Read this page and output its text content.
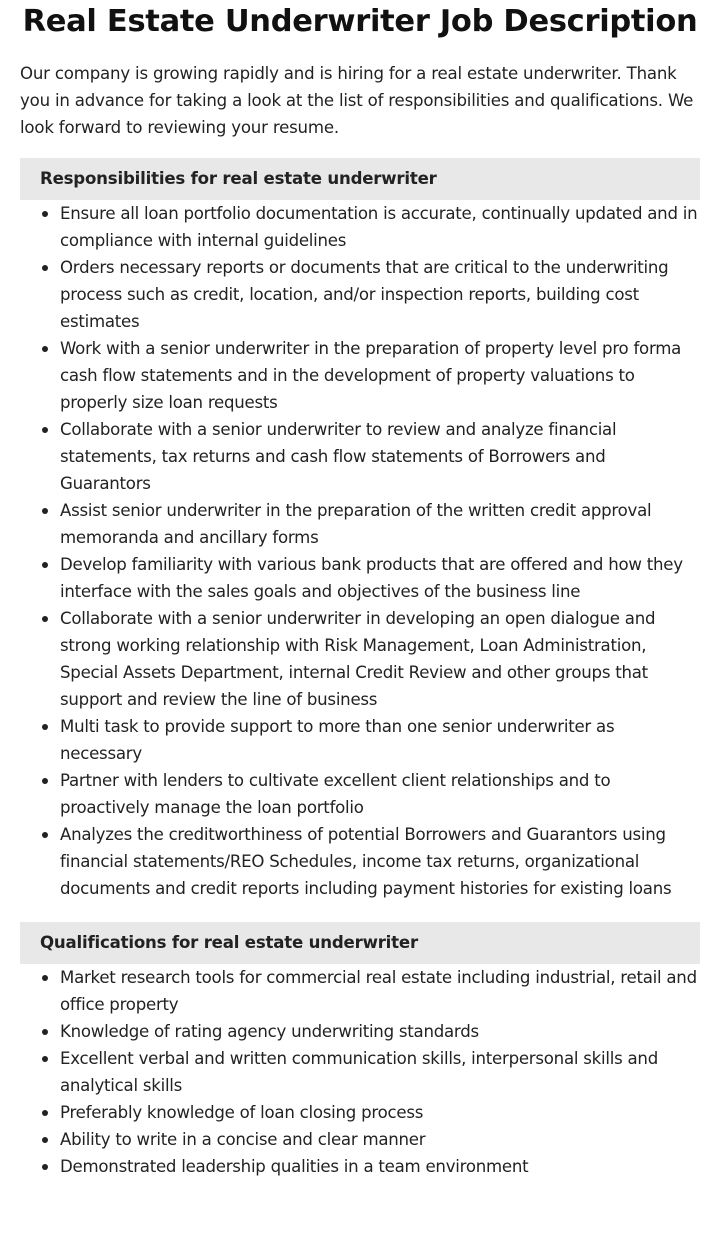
Real Estate Underwriter Job Description

Our company is growing rapidly and is hiring for a real estate underwriter. Thank you in advance for taking a look at the list of responsibilities and qualifications. We look forward to reviewing your resume.

Responsibilities for real estate underwriter
Ensure all loan portfolio documentation is accurate, continually updated and in compliance with internal guidelines
Orders necessary reports or documents that are critical to the underwriting process such as credit, location, and/or inspection reports, building cost estimates
Work with a senior underwriter in the preparation of property level pro forma cash flow statements and in the development of property valuations to properly size loan requests
Collaborate with a senior underwriter to review and analyze financial statements, tax returns and cash flow statements of Borrowers and Guarantors
Assist senior underwriter in the preparation of the written credit approval memoranda and ancillary forms
Develop familiarity with various bank products that are offered and how they interface with the sales goals and objectives of the business line
Collaborate with a senior underwriter in developing an open dialogue and strong working relationship with Risk Management, Loan Administration, Special Assets Department, internal Credit Review and other groups that support and review the line of business
Multi task to provide support to more than one senior underwriter as necessary
Partner with lenders to cultivate excellent client relationships and to proactively manage the loan portfolio
Analyzes the creditworthiness of potential Borrowers and Guarantors using financial statements/REO Schedules, income tax returns, organizational documents and credit reports including payment histories for existing loans
Qualifications for real estate underwriter
Market research tools for commercial real estate including industrial, retail and office property
Knowledge of rating agency underwriting standards
Excellent verbal and written communication skills, interpersonal skills and analytical skills
Preferably knowledge of loan closing process
Ability to write in a concise and clear manner
Demonstrated leadership qualities in a team environment
